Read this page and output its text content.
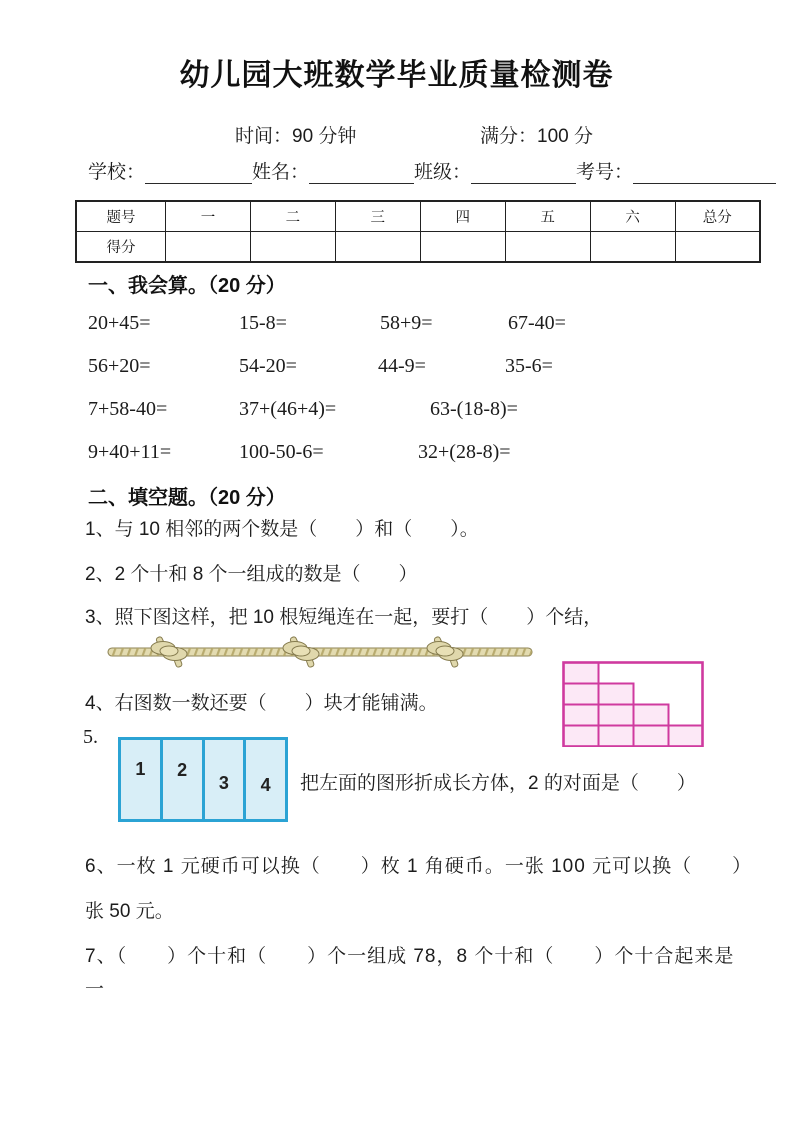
幼儿园大班数学毕业质量检测卷
时间：90 分钟	满分：100 分
学校：	姓名：	班级：	考号：
题号	一	二	三	四	五	六	总分
得分							
一、我会算。（20 分）
20+45=	15-8=	58+9=	67-40=
56+20=	54-20=	44-9=	35-6=
7+58-40=	37+(46+4)=	63-(18-8)=
9+40+11=	100-50-6=	32+(28-8)=
二、填空题。（20 分）
1、与 10 相邻的两个数是（　　）和（　　）。
2、2 个十和 8 个一组成的数是（　　）
3、照下图这样，把 10 根短绳连在一起，要打（　　）个结，
4、右图数一数还要（　　）块才能铺满。
5.
1 2
3 4 把左面的图形折成长方体，2 的对面是（　　）
6、一枚 1 元硬币可以换（　　）枚 1 角硬币。一张 100 元可以换（　　）
张 50 元。
7、（　　）个十和（　　）个一组成 78，8 个十和（　　）个十合起来是
一
